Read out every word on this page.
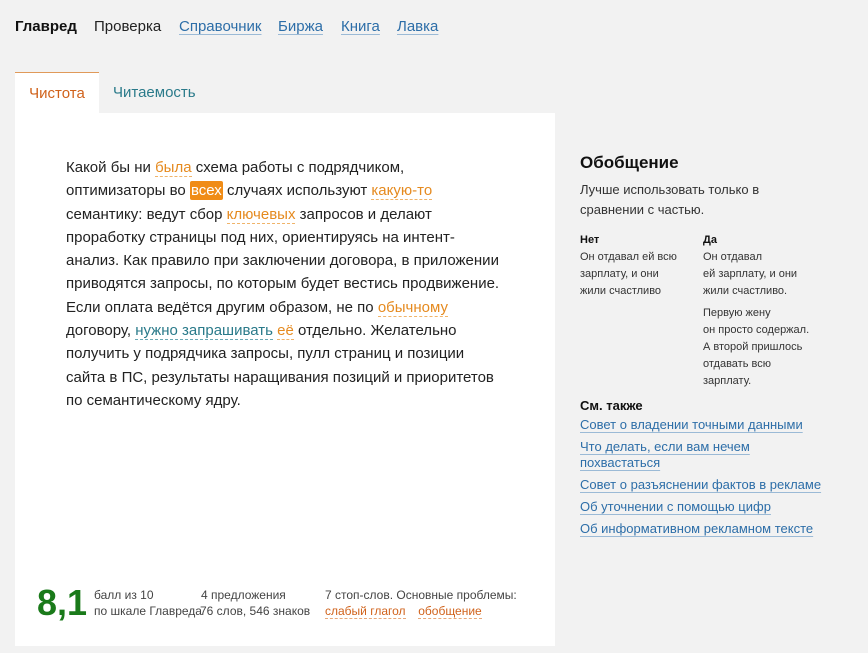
Главред Проверка Справочник Биржа Книга Лавка
Чистота	Читаемость
Какой бы ни была схема работы с подрядчиком, оптимизаторы во всех случаях используют какую-то семантику: ведут сбор ключевых запросов и делают проработку страницы под них, ориентируясь на интент-анализ. Как правило при заключении договора, в приложении приводятся запросы, по которым будет вестись продвижение. Если оплата ведётся другим образом, не по обычному договору, нужно запрашивать её отдельно. Желательно получить у подрядчика запросы, пулл страниц и позиции сайта в ПС, результаты наращивания позиций и приоритетов по семантическому ядру.
8,1 балл из 10
по шкале Главреда
4 предложения
76 слов, 546 знаков
7 стоп-слов. Основные проблемы:
слабый глагол обобщение
Обобщение
Лучше использовать только в сравнении с частью.
Нет
Он отдавал ей всю
зарплату, и они
жили счастливо
Да
Он отдавал
ей зарплату, и они
жили счастливо.
Первую жену
он просто содержал.
А второй пришлось
отдавать всю
зарплату.
См. также
Совет о владении точными данными
Что делать, если вам нечем похвастаться
Совет о разъяснении фактов в рекламе
Об уточнении с помощью цифр
Об информативном рекламном тексте
